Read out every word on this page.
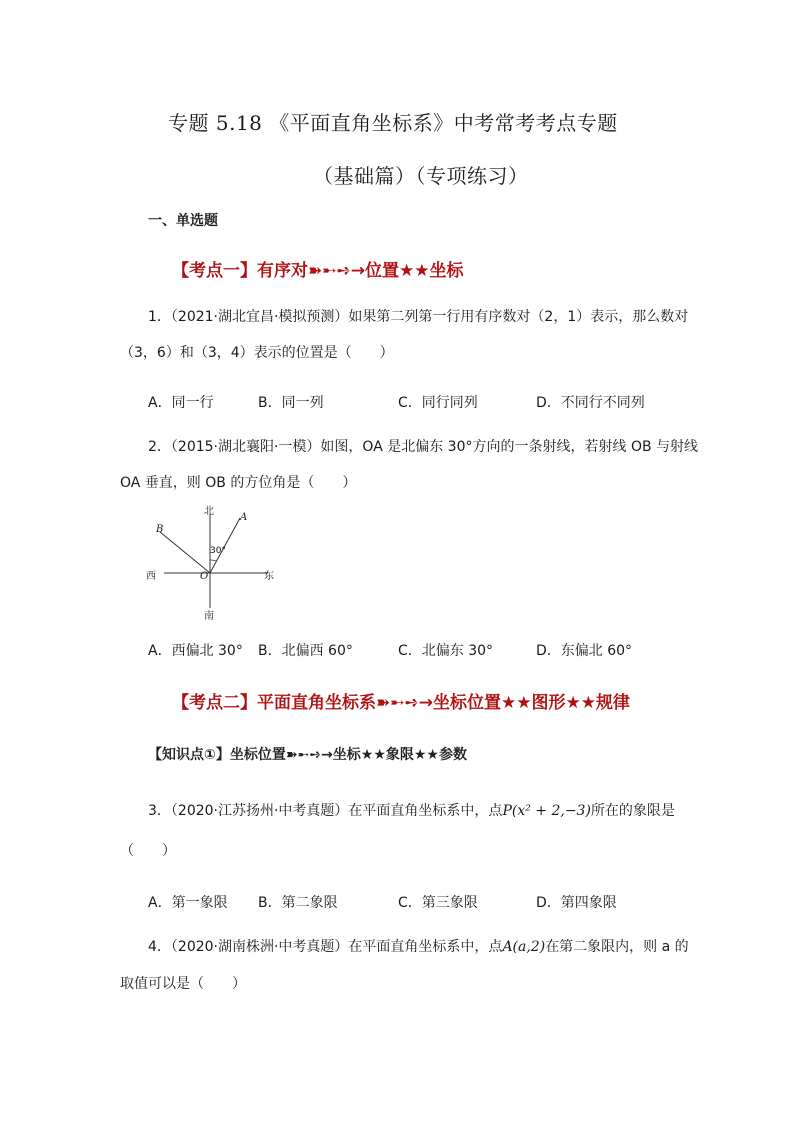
专题 5.18 《平面直角坐标系》中考常考考点专题
（基础篇）（专项练习）
一、单选题
【考点一】有序对➽➸➺→位置★★坐标
1．（2021·湖北宜昌·模拟预测）如果第二列第一行用有序数对（2，1）表示，那么数对
（3，6）和（3，4）表示的位置是（　　）
A．同一行	B．同一列	C．同行同列	D．不同行不同列
2．（2015·湖北襄阳·一模）如图，OA 是北偏东 30°方向的一条射线，若射线 OB 与射线
OA 垂直，则 OB 的方位角是（　　）
北
南
西	东
A
B
O
30°
A．西偏北 30° B．北偏西 60°	C．北偏东 30°	D．东偏北 60°
【考点二】平面直角坐标系➽➸➺→坐标位置★★图形★★规律
【知识点①】坐标位置➽➸➺→坐标★★象限★★参数
3．（2020·江苏扬州·中考真题）在平面直角坐标系中，点P(x² + 2,−3)所在的象限是
（　　）
A．第一象限 B．第二象限	C．第三象限	D．第四象限
4．（2020·湖南株洲·中考真题）在平面直角坐标系中，点A(a,2)在第二象限内，则 a 的
取值可以是（　　）
